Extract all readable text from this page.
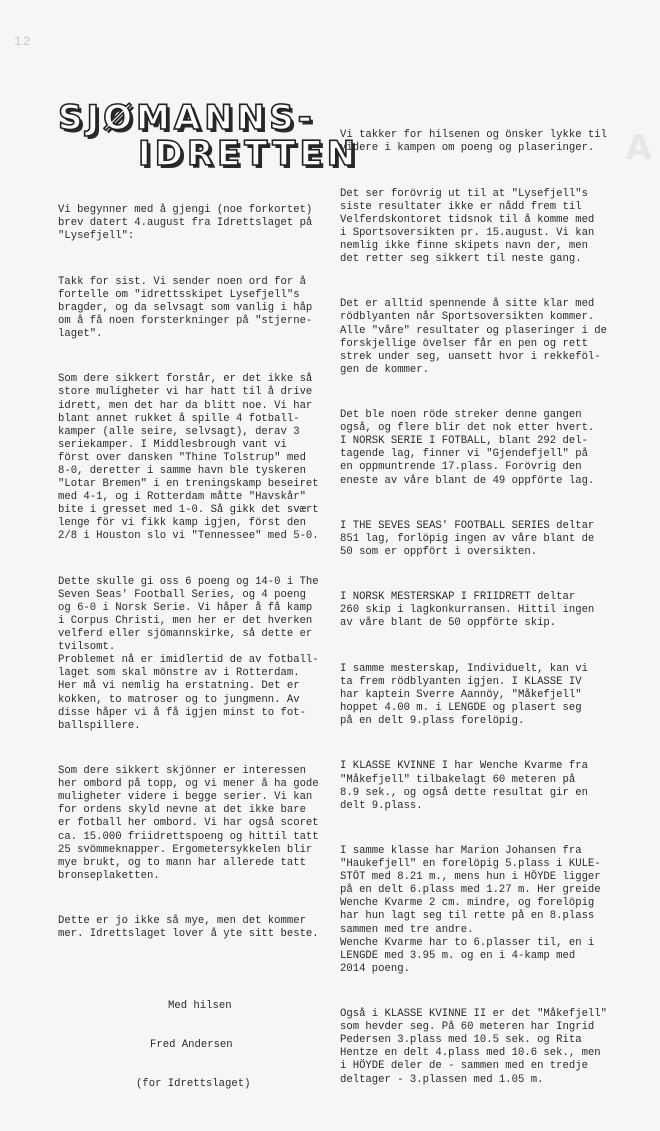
12
A
SJØMANNS-
IDRETTEN

Vi begynner med å gjengi (noe forkortet)
brev datert 4.august fra Idrettslaget på
"Lysefjell":

Takk for sist. Vi sender noen ord for å
fortelle om "idrettsskipet Lysefjell"s
bragder, og da selvsagt som vanlig i håp
om å få noen forsterkninger på "stjerne-
laget".

Som dere sikkert forstår, er det ikke så
store muligheter vi har hatt til å drive
idrett, men det har da blitt noe. Vi har
blant annet rukket å spille 4 fotball-
kamper (alle seire, selvsagt), derav 3
seriekamper. I Middlesbrough vant vi
först over dansken "Thine Tolstrup" med
8-0, deretter i samme havn ble tyskeren
"Lotar Bremen" i en treningskamp beseiret
med 4-1, og i Rotterdam måtte "Havskår"
bite i gresset med 1-0. Så gikk det svært
lenge för vi fikk kamp igjen, först den
2/8 i Houston slo vi "Tennessee" med 5-0.

Dette skulle gi oss 6 poeng og 14-0 i The
Seven Seas' Football Series, og 4 poeng
og 6-0 i Norsk Serie. Vi håper å få kamp
i Corpus Christi, men her er det hverken
velferd eller sjömannskirke, så dette er
tvilsomt.
Problemet nå er imidlertid de av fotball-
laget som skal mönstre av i Rotterdam.
Her må vi nemlig ha erstatning. Det er
kokken, to matroser og to jungmenn. Av
disse håper vi å få igjen minst to fot-
ballspillere.

Som dere sikkert skjönner er interessen
her ombord på topp, og vi mener å ha gode
muligheter videre i begge serier. Vi kan
for ordens skyld nevne at det ikke bare
er fotball her ombord. Vi har også scoret
ca. 15.000 friidrettspoeng og hittil tatt
25 svömmeknapper. Ergometersykkelen blir
mye brukt, og to mann har allerede tatt
bronseplaketten.

Dette er jo ikke så mye, men det kommer
mer. Idrettslaget lover å yte sitt beste.

Med hilsen

Fred Andersen

(for Idrettslaget)

Vi takker for hilsenen og önsker lykke til
videre i kampen om poeng og plaseringer.

Det ser forövrig ut til at "Lysefjell"s
siste resultater ikke er nådd frem til
Velferdskontoret tidsnok til å komme med
i Sportsoversikten pr. 15.august. Vi kan
nemlig ikke finne skipets navn der, men
det retter seg sikkert til neste gang.

Det er alltid spennende å sitte klar med
rödblyanten når Sportsoversikten kommer.
Alle "våre" resultater og plaseringer i de
forskjellige övelser får en pen og rett
strek under seg, uansett hvor i rekkeföl-
gen de kommer.

Det ble noen röde streker denne gangen
også, og flere blir det nok etter hvert.
I NORSK SERIE I FOTBALL, blant 292 del-
tagende lag, finner vi "Gjendefjell" på
en oppmuntrende 17.plass. Forövrig den
eneste av våre blant de 49 oppförte lag.

I THE SEVES SEAS' FOOTBALL SERIES deltar
851 lag, forlöpig ingen av våre blant de
50 som er oppfört i oversikten.

I NORSK MESTERSKAP I FRIIDRETT deltar
260 skip i lagkonkurransen. Hittil ingen
av våre blant de 50 oppförte skip.

I samme mesterskap, Individuelt, kan vi
ta frem rödblyanten igjen. I KLASSE IV
har kaptein Sverre Aannöy, "Måkefjell"
hoppet 4.00 m. i LENGDE og plasert seg
på en delt 9.plass forelöpig.

I KLASSE KVINNE I har Wenche Kvarme fra
"Måkefjell" tilbakelagt 60 meteren på
8.9 sek., og også dette resultat gir en
delt 9.plass.

I samme klasse har Marion Johansen fra
"Haukefjell" en forelöpig 5.plass i KULE-
STÖT med 8.21 m., mens hun i HÖYDE ligger
på en delt 6.plass med 1.27 m. Her greide
Wenche Kvarme 2 cm. mindre, og forelöpig
har hun lagt seg til rette på en 8.plass
sammen med tre andre.
Wenche Kvarme har to 6.plasser til, en i
LENGDE med 3.95 m. og en i 4-kamp med
2014 poeng.

Også i KLASSE KVINNE II er det "Måkefjell"
som hevder seg. På 60 meteren har Ingrid
Pedersen 3.plass med 10.5 sek. og Rita
Hentze en delt 4.plass med 10.6 sek., men
i HÖYDE deler de - sammen med en tredje
deltager - 3.plassen med 1.05 m.
